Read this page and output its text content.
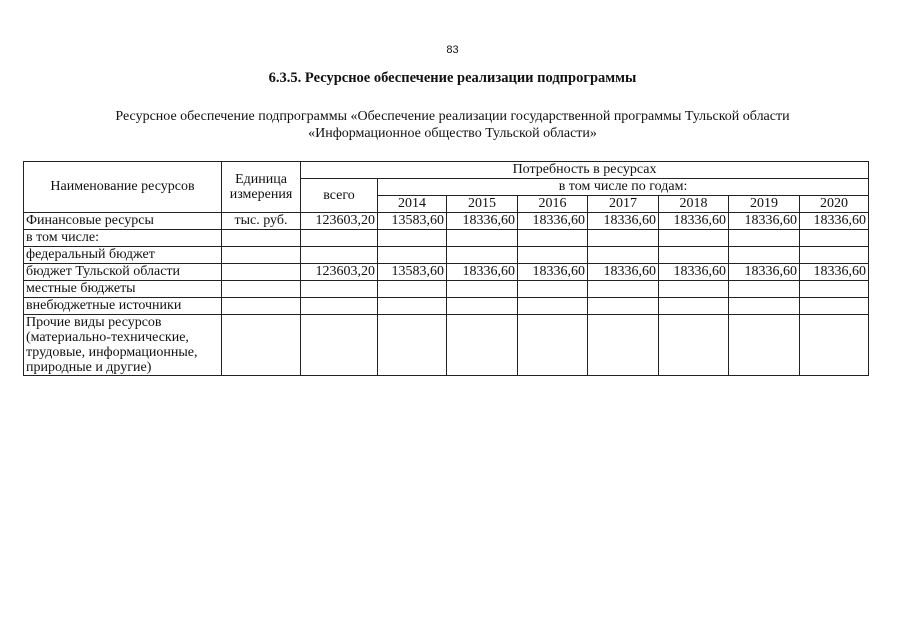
83
6.3.5. Ресурсное обеспечение реализации подпрограммы
Ресурсное обеспечение подпрограммы «Обеспечение реализации государственной программы Тульской области
«Информационное общество Тульской области»
Наименование ресурсов	Единица измерения	Потребность в ресурсах							
		всего	в том числе по годам:						
			2014	2015	2016	2017	2018	2019	2020
Финансовые ресурсы	тыс. руб.	123603,20	13583,60	18336,60	18336,60	18336,60	18336,60	18336,60	18336,60
в том числе:									
федеральный бюджет									
бюджет Тульской области		123603,20	13583,60	18336,60	18336,60	18336,60	18336,60	18336,60	18336,60
местные бюджеты									
внебюджетные источники									
Прочие виды ресурсов (материально-технические, трудовые, информационные, природные и другие)									
